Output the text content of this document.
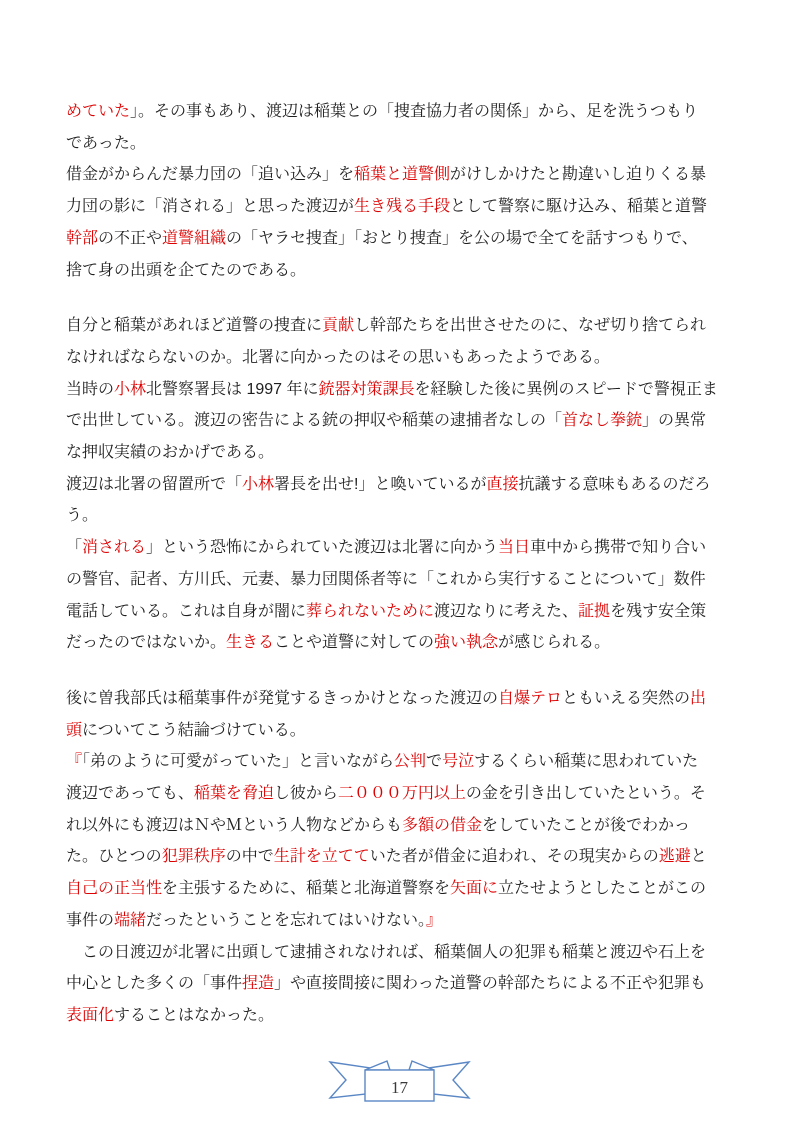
めていた」。その事もあり、渡辺は稲葉との「捜査協力者の関係」から、足を洗うつもり
であった。
借金がからんだ暴力団の「追い込み」を稲葉と道警側がけしかけたと勘違いし迫りくる暴
力団の影に「消される」と思った渡辺が生き残る手段として警察に駆け込み、稲葉と道警
幹部の不正や道警組織の「ヤラセ捜査」「おとり捜査」を公の場で全てを話すつもりで、
捨て身の出頭を企てたのである。
自分と稲葉があれほど道警の捜査に貢献し幹部たちを出世させたのに、なぜ切り捨てられ
なければならないのか。北署に向かったのはその思いもあったようである。
当時の小林北警察署長は 1997 年に銃器対策課長を経験した後に異例のスピードで警視正ま
で出世している。渡辺の密告による銃の押収や稲葉の逮捕者なしの「首なし拳銃」の異常
な押収実績のおかげである。
渡辺は北署の留置所で「小林署長を出せ!」と喚いているが直接抗議する意味もあるのだろ
う。
「消される」という恐怖にかられていた渡辺は北署に向かう当日車中から携帯で知り合い
の警官、記者、方川氏、元妻、暴力団関係者等に「これから実行することについて」数件
電話している。これは自身が闇に葬られないために渡辺なりに考えた、証拠を残す安全策
だったのではないか。生きることや道警に対しての強い執念が感じられる。
後に曽我部氏は稲葉事件が発覚するきっかけとなった渡辺の自爆テロともいえる突然の出
頭についてこう結論づけている。
『「弟のように可愛がっていた」と言いながら公判で号泣するくらい稲葉に思われていた
渡辺であっても、稲葉を脅迫し彼から二０００万円以上の金を引き出していたという。そ
れ以外にも渡辺はＮやＭという人物などからも多額の借金をしていたことが後でわかっ
た。ひとつの犯罪秩序の中で生計を立てていた者が借金に追われ、その現実からの逃避と
自己の正当性を主張するために、稲葉と北海道警察を矢面に立たせようとしたことがこの
事件の端緒だったということを忘れてはいけない。』
　この日渡辺が北署に出頭して逮捕されなければ、稲葉個人の犯罪も稲葉と渡辺や石上を
中心とした多くの「事件捏造」や直接間接に関わった道警の幹部たちによる不正や犯罪も
表面化することはなかった。
17
